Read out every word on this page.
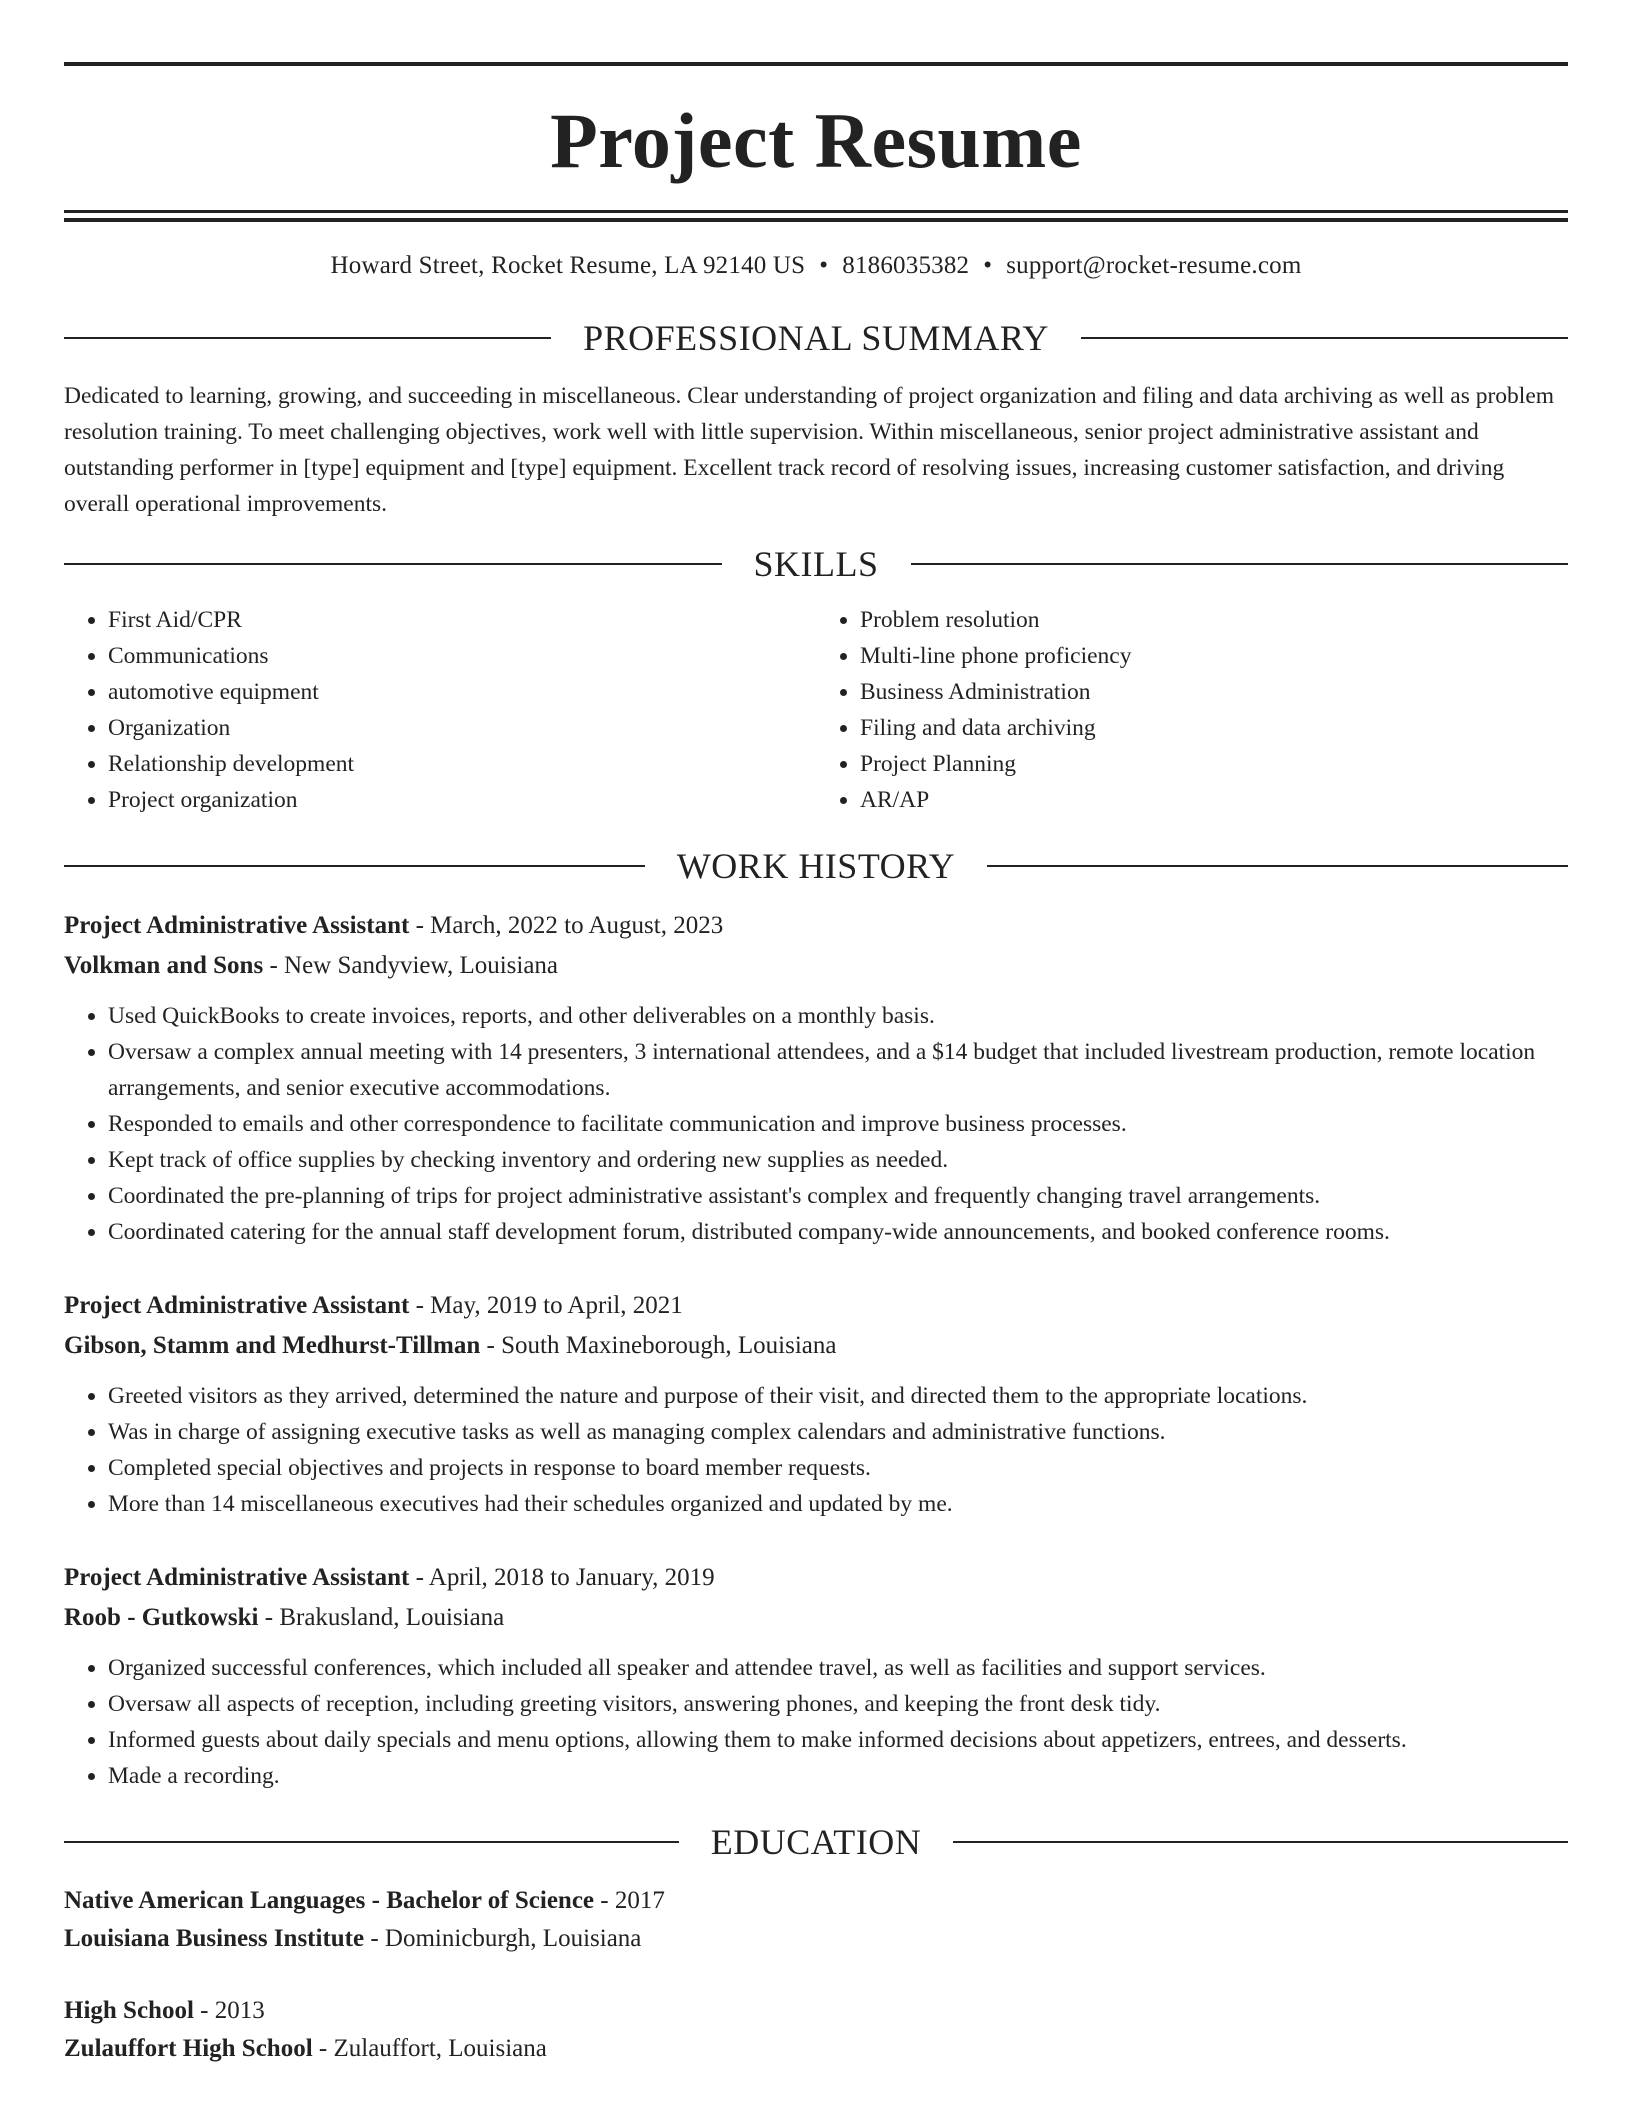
Project Resume
Howard Street, Rocket Resume, LA 92140 US • 8186035382 • support@rocket-resume.com
PROFESSIONAL SUMMARY

Dedicated to learning, growing, and succeeding in miscellaneous. Clear understanding of project organization and filing and data archiving as well as problem resolution training. To meet challenging objectives, work well with little supervision. Within miscellaneous, senior project administrative assistant and outstanding performer in [type] equipment and [type] equipment. Excellent track record of resolving issues, increasing customer satisfaction, and driving overall operational improvements.

SKILLS
• First Aid/CPR
• Communications
• automotive equipment
• Organization
• Relationship development
• Project organization
• Problem resolution
• Multi-line phone proficiency
• Business Administration
• Filing and data archiving
• Project Planning
• AR/AP
WORK HISTORY
Project Administrative Assistant - March, 2022 to August, 2023
Volkman and Sons - New Sandyview, Louisiana
• Used QuickBooks to create invoices, reports, and other deliverables on a monthly basis.
• Oversaw a complex annual meeting with 14 presenters, 3 international attendees, and a $14 budget that included livestream production, remote location arrangements, and senior executive accommodations.
• Responded to emails and other correspondence to facilitate communication and improve business processes.
• Kept track of office supplies by checking inventory and ordering new supplies as needed.
• Coordinated the pre-planning of trips for project administrative assistant's complex and frequently changing travel arrangements.
• Coordinated catering for the annual staff development forum, distributed company-wide announcements, and booked conference rooms.
Project Administrative Assistant - May, 2019 to April, 2021
Gibson, Stamm and Medhurst-Tillman - South Maxineborough, Louisiana
• Greeted visitors as they arrived, determined the nature and purpose of their visit, and directed them to the appropriate locations.
• Was in charge of assigning executive tasks as well as managing complex calendars and administrative functions.
• Completed special objectives and projects in response to board member requests.
• More than 14 miscellaneous executives had their schedules organized and updated by me.
Project Administrative Assistant - April, 2018 to January, 2019
Roob - Gutkowski - Brakusland, Louisiana
• Organized successful conferences, which included all speaker and attendee travel, as well as facilities and support services.
• Oversaw all aspects of reception, including greeting visitors, answering phones, and keeping the front desk tidy.
• Informed guests about daily specials and menu options, allowing them to make informed decisions about appetizers, entrees, and desserts.
• Made a recording.
EDUCATION
Native American Languages - Bachelor of Science - 2017
Louisiana Business Institute - Dominicburgh, Louisiana
High School - 2013
Zulauffort High School - Zulauffort, Louisiana
